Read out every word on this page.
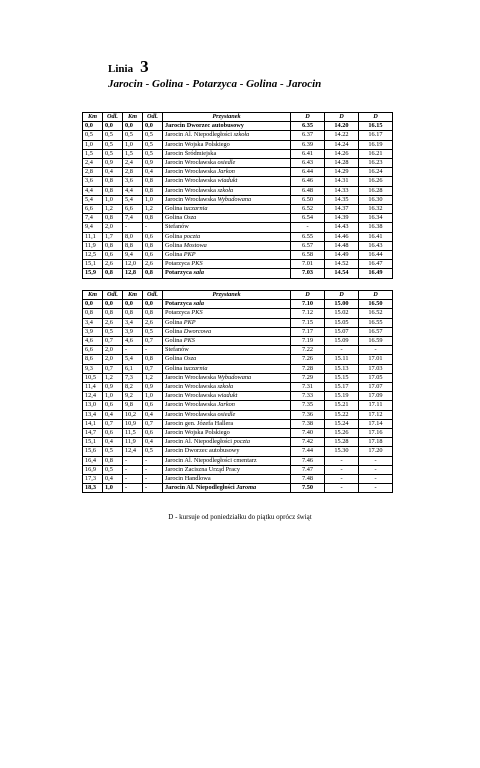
Linia 3
Jarocin - Golina - Potarzyca - Golina - Jarocin
Km	Odl.	Km	Odl.	Przystanek	D	D	D
0,0	0,0	0,0	0,0	Jarocin Dworzec autobusowy	6.35	14.20	16.15
0,5	0,5	0,5	0,5	Jarocin Al. Niepodległości szkoła	6.37	14.22	16.17
1,0	0,5	1,0	0,5	Jarocin Wojska Polskiego	6.39	14.24	16.19
1,5	0,5	1,5	0,5	Jarocin Śródmiejska	6.41	14.26	16.21
2,4	0,9	2,4	0,9	Jarocin Wrocławska osiedle	6.43	14.28	16.23
2,8	0,4	2,8	0,4	Jarocin Wrocławska Jarkon	6.44	14.29	16.24
3,6	0,8	3,6	0,8	Jarocin Wrocławska wiadukt	6.46	14.31	16.26
4,4	0,8	4,4	0,8	Jarocin Wrocławska szkoła	6.48	14.33	16.28
5,4	1,0	5,4	1,0	Jarocin Wrocławska Wybudowana	6.50	14.35	16.30
6,6	1,2	6,6	1,2	Golina tuczarnia	6.52	14.37	16.32
7,4	0,8	7,4	0,8	Golina Osza	6.54	14.39	16.34
9,4	2,0	-	-	Stefanów	-	14.43	16.38
11,1	1,7	8,0	0,6	Golina poczta	6.55	14.46	16.41
11,9	0,8	8,8	0,8	Golina Mostowa	6.57	14.48	16.43
12,5	0,6	9,4	0,6	Golina PKP	6.58	14.49	16.44
15,1	2,6	12,0	2,6	Potarzyca PKS	7.01	14.52	16.47
15,9	0,8	12,8	0,8	Potarzyca sala	7.03	14.54	16.49
Km	Odl.	Km	Odl.	Przystanek	D	D	D
0,0	0,0	0,0	0,0	Potarzyca sala	7.10	15.00	16.50
0,8	0,8	0,8	0,8	Potarzyca PKS	7.12	15.02	16.52
3,4	2,6	3,4	2,6	Golina PKP	7.15	15.05	16.55
3,9	0,5	3,9	0,5	Golina Dworcowa	7.17	15.07	16.57
4,6	0,7	4,6	0,7	Golina PKS	7.19	15.09	16.59
6,6	2,0	-	-	Stefanów	7.22	-	-
8,6	2,0	5,4	0,8	Golina Osza	7.26	15.11	17.01
9,3	0,7	6,1	0,7	Golina tuczarnia	7.28	15.13	17.03
10,5	1,2	7,3	1,2	Jarocin Wrocławska Wybudowana	7.29	15.15	17.05
11,4	0,9	8,2	0,9	Jarocin Wrocławska szkoła	7.31	15.17	17.07
12,4	1,0	9,2	1,0	Jarocin Wrocławska wiadukt	7.33	15.19	17.09
13,0	0,6	9,8	0,6	Jarocin Wrocławska Jarkon	7.35	15.21	17.11
13,4	0,4	10,2	0,4	Jarocin Wrocławska osiedle	7.36	15.22	17.12
14,1	0,7	10,9	0,7	Jarocin gen. Józefa Hallera	7.38	15.24	17.14
14,7	0,6	11,5	0,6	Jarocin Wojska Polskiego	7.40	15.26	17.16
15,1	0,4	11,9	0,4	Jarocin Al. Niepodległości poczta	7.42	15.28	17.18
15,6	0,5	12,4	0,5	Jarocin Dworzec autobusowy	7.44	15.30	17.20
16,4	0,8	-	-	Jarocin Al. Niepodległości cmentarz	7.46	-	-
16,9	0,5	-	-	Jarocin Zacisznа Urząd Pracy	7.47	-	-
17,3	0,4	-	-	Jarocin Handlowa	7.48	-	-
18,3	1,0	-	-	Jarocin Al. Niepodległości Jaroma	7.50	-	-
D - kursuje od poniedziałku do piątku oprócz świąt
